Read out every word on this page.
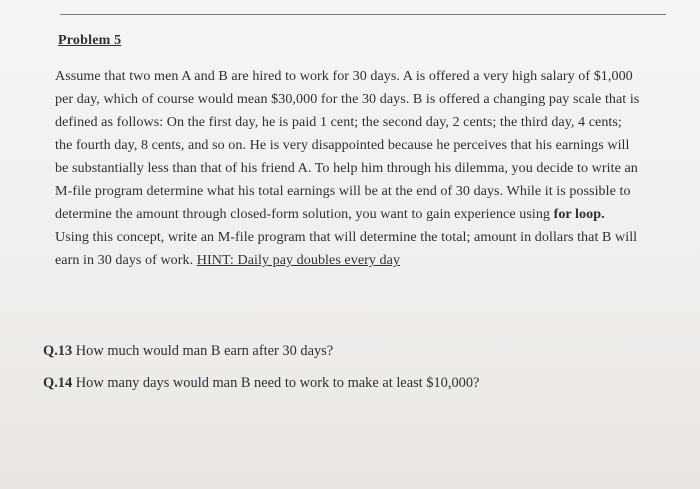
Problem 5
Assume that two men A and B are hired to work for 30 days. A is offered a very high salary of $1,000
per day, which of course would mean $30,000 for the 30 days. B is offered a changing pay scale that is
defined as follows: On the first day, he is paid 1 cent; the second day, 2 cents; the third day, 4 cents;
the fourth day, 8 cents, and so on. He is very disappointed because he perceives that his earnings will
be substantially less than that of his friend A. To help him through his dilemma, you decide to write an
M-file program determine what his total earnings will be at the end of 30 days. While it is possible to
determine the amount through closed-form solution, you want to gain experience using for loop.
Using this concept, write an M-file program that will determine the total; amount in dollars that B will
earn in 30 days of work. HINT: Daily pay doubles every day
Q.13 How much would man B earn after 30 days?
Q.14 How many days would man B need to work to make at least $10,000?
